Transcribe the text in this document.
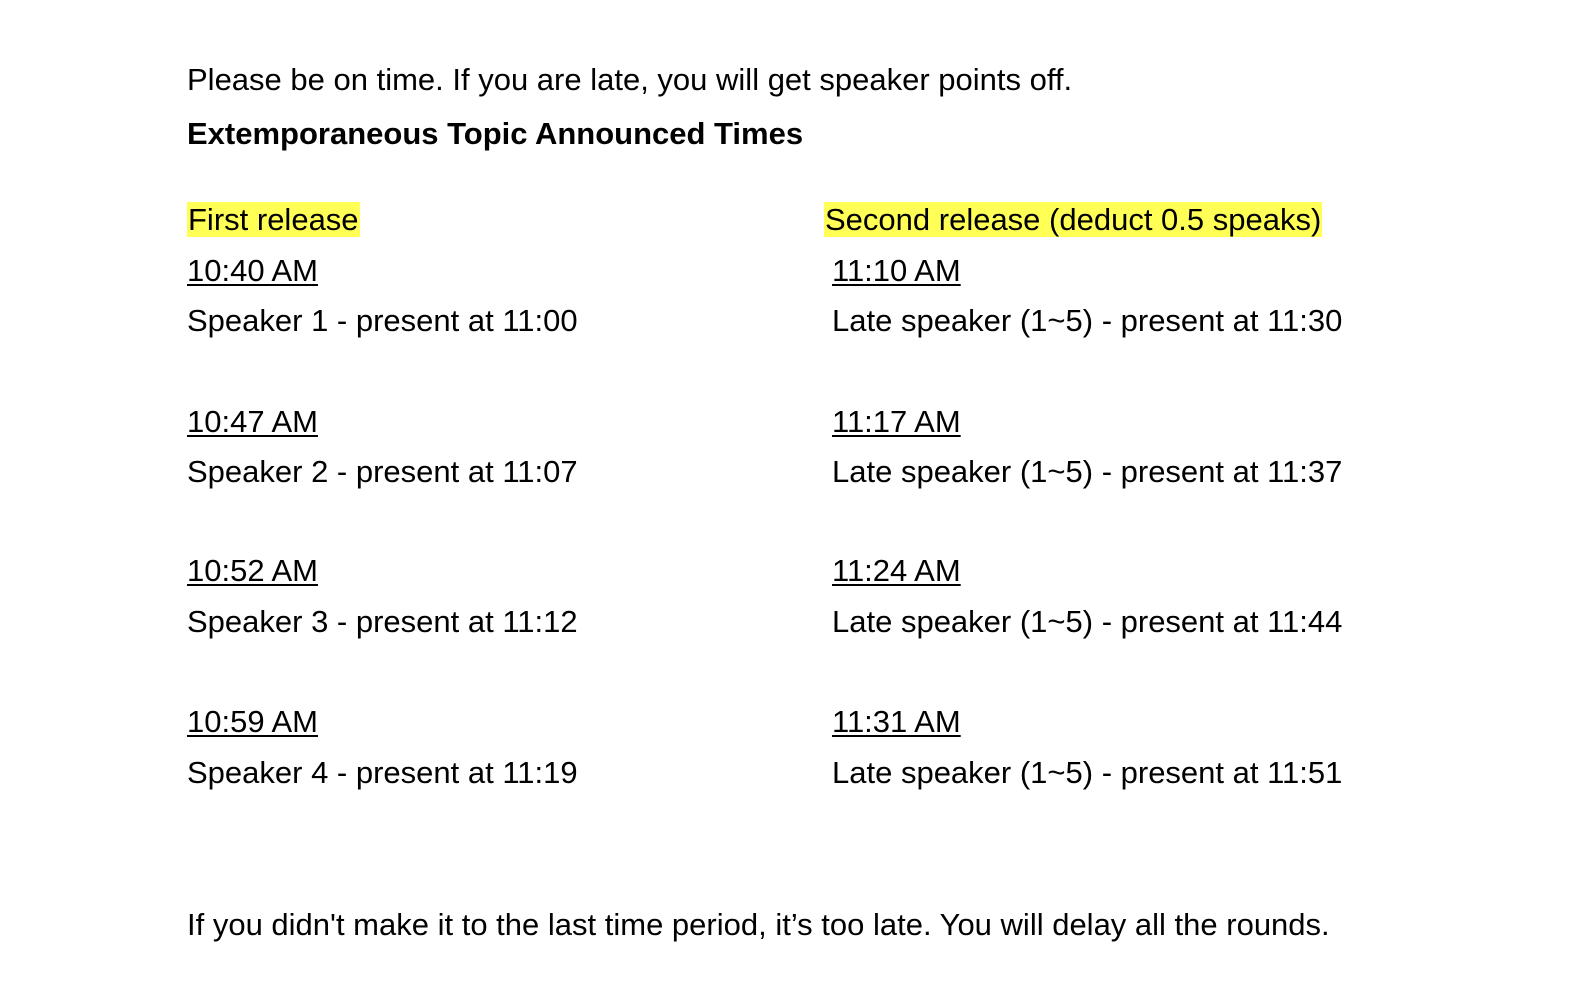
Please be on time. If you are late, you will get speaker points off.
Extemporaneous Topic Announced Times
First release
10:40 AM
Speaker 1 - present at 11:00
10:47 AM
Speaker 2 - present at 11:07
10:52 AM
Speaker 3 - present at 11:12
10:59 AM
Speaker 4 - present at 11:19
Second release (deduct 0.5 speaks)
11:10 AM
Late speaker (1~5) - present at 11:30
11:17 AM
Late speaker (1~5) - present at 11:37
11:24 AM
Late speaker (1~5) - present at 11:44
11:31 AM
Late speaker (1~5) - present at 11:51
If you didn't make it to the last time period, it’s too late. You will delay all the rounds.
